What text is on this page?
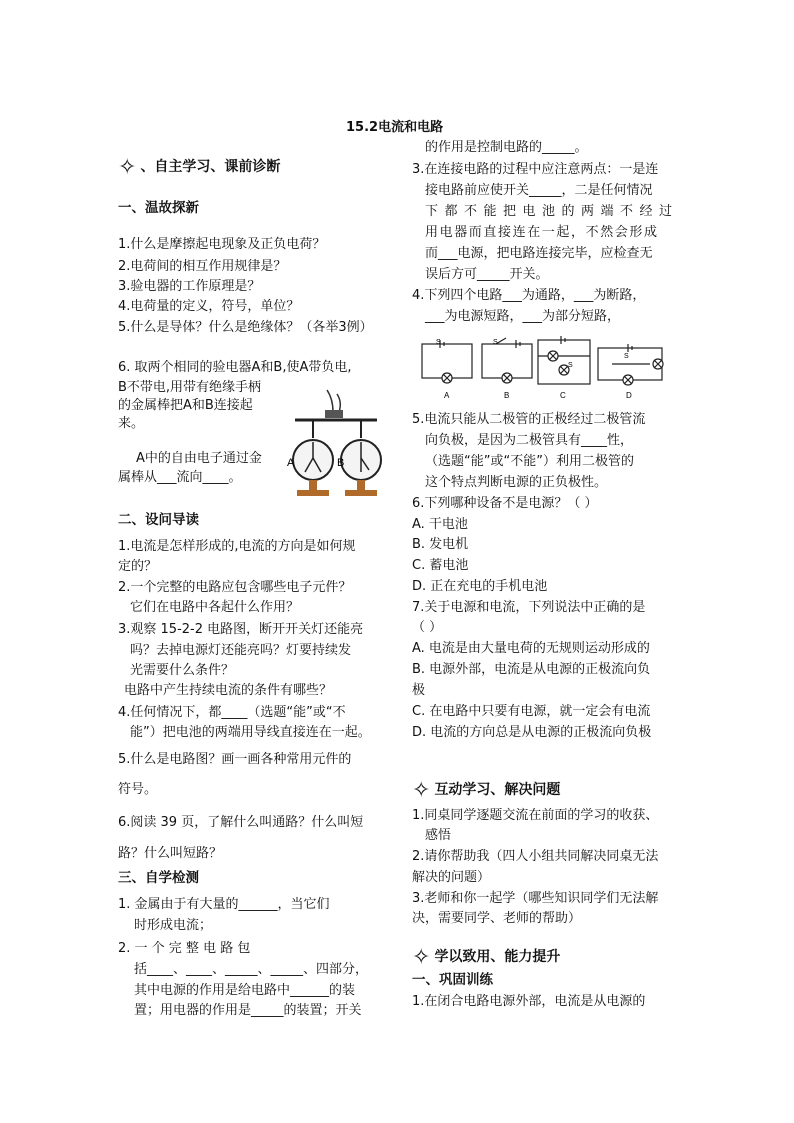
15.2电流和电路
✧ 、自主学习、课前诊断
一、温故探新
1.什么是摩擦起电现象及正负电荷？
2.电荷间的相互作用规律是？
3.验电器的工作原理是？
4.电荷量的定义，符号，单位？
5.什么是导体？什么是绝缘体？（各举3例）
6. 取两个相同的验电器A和B,使A带负电,
B不带电,用带有绝缘手柄
的金属棒把A和B连接起
来。
A中的自由电子通过金
属棒从___流向____。
A	B
二、设问导读
1.电流是怎样形成的,电流的方向是如何规
定的？
2.一个完整的电路应包含哪些电子元件？
它们在电路中各起什么作用？
3.观察 15-2-2 电路图，断开开关灯还能亮
吗？去掉电源灯还能亮吗？灯要持续发
光需要什么条件？
电路中产生持续电流的条件有哪些？
4.任何情况下，都____（选题“能”或“不
能”）把电池的两端用导线直接连在一起。
5.什么是电路图？画一画各种常用元件的
符号。
6.阅读 39 页，了解什么叫通路？什么叫短
路？什么叫短路？
三、自学检测
1. 金属由于有大量的______，当它们
时形成电流；
2. 一 个 完 整 电 路 包
括____、____、_____、_____、四部分，
其中电源的作用是给电路中______的装
置；用电器的作用是_____的装置；开关
的作用是控制电路的_____。
3.在连接电路的过程中应注意两点：一是连
接电路前应使开关_____，二是任何情况
下都不能把电池的两端不经过
用电器而直接连在一起，不然会形成
而___电源，把电路连接完毕，应检查无
误后方可_____开关。
4.下列四个电路___为通路，___为断路，
___为电源短路，___为部分短路，
S	S
S
S
A	B	C	D
5.电流只能从二极管的正极经过二极管流
向负极，是因为二极管具有____性，
（选题“能”或“不能”）利用二极管的
这个特点判断电源的正负极性。
6.下列哪种设备不是电源？（ ）
A. 干电池
B. 发电机
C. 蓄电池
D. 正在充电的手机电池
7.关于电源和电流，下列说法中正确的是
（ ）
A. 电流是由大量电荷的无规则运动形成的
B. 电源外部，电流是从电源的正极流向负
极
C. 在电路中只要有电源，就一定会有电流
D. 电流的方向总是从电源的正极流向负极
✧ 互动学习、解决问题
1.同桌同学逐题交流在前面的学习的收获、
感悟
2.请你帮助我（四人小组共同解决同桌无法
解决的问题）
3.老师和你一起学（哪些知识同学们无法解
决，需要同学、老师的帮助）
✧ 学以致用、能力提升
一、巩固训练
1.在闭合电路电源外部，电流是从电源的
